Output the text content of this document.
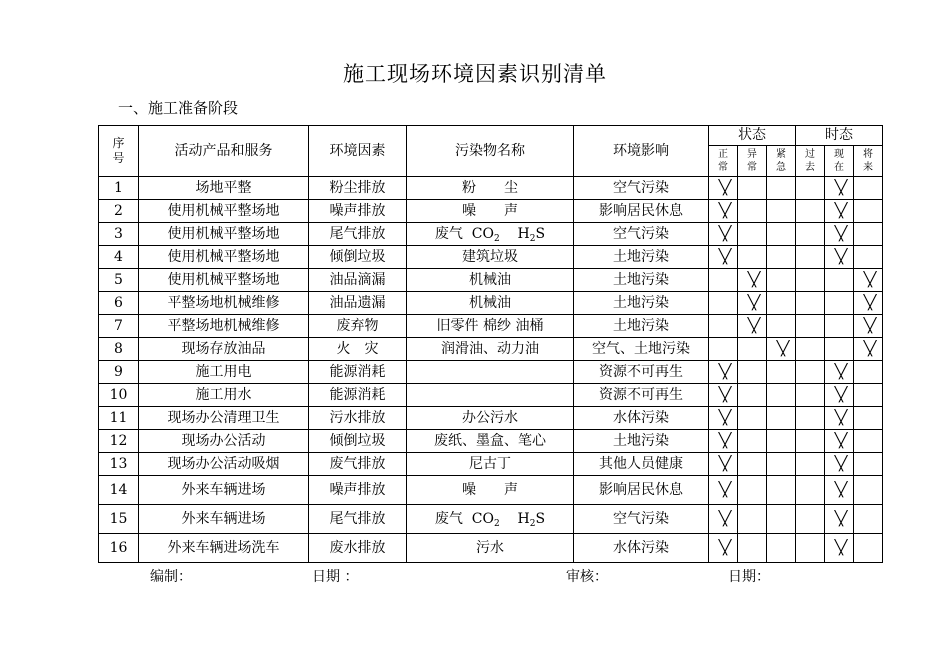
施工现场环境因素识别清单
一、施工准备阶段
序号	活动产品和服务	环境因素	污染物名称	环境影响	状态			时态		
					正常	异常	紧急	过去	现在	将来
1	场地平整	粉尘排放	粉　　尘	空气污染	╲╱				╲╱	
2	使用机械平整场地	噪声排放	噪　　声	影响居民休息	╲╱				╲╱	
3	使用机械平整场地	尾气排放	废气 $CO_2$ $H_2S$	空气污染	╲╱				╲╱	
4	使用机械平整场地	倾倒垃圾	建筑垃圾	土地污染	╲╱				╲╱	
5	使用机械平整场地	油品滴漏	机械油	土地污染		╲╱				╲╱
6	平整场地机械维修	油品遗漏	机械油	土地污染		╲╱				╲╱
7	平整场地机械维修	废弃物	旧零件 棉纱 油桶	土地污染		╲╱				╲╱
8	现场存放油品	火　灾	润滑油、动力油	空气、土地污染			╲╱			╲╱
9	施工用电	能源消耗		资源不可再生	╲╱				╲╱	
10	施工用水	能源消耗		资源不可再生	╲╱				╲╱	
11	现场办公清理卫生	污水排放	办公污水	水体污染	╲╱				╲╱	
12	现场办公活动	倾倒垃圾	废纸、墨盒、笔心	土地污染	╲╱				╲╱	
13	现场办公活动吸烟	废气排放	尼古丁	其他人员健康	╲╱				╲╱	
14	外来车辆进场	噪声排放	噪　　声	影响居民休息	╲╱				╲╱	
15	外来车辆进场	尾气排放	废气 $CO_2$ $H_2S$	空气污染	╲╱				╲╱	
16	外来车辆进场洗车	废水排放	污水	水体污染	╲╱				╲╱	
编制：	日期 ：	审核：	日期：
